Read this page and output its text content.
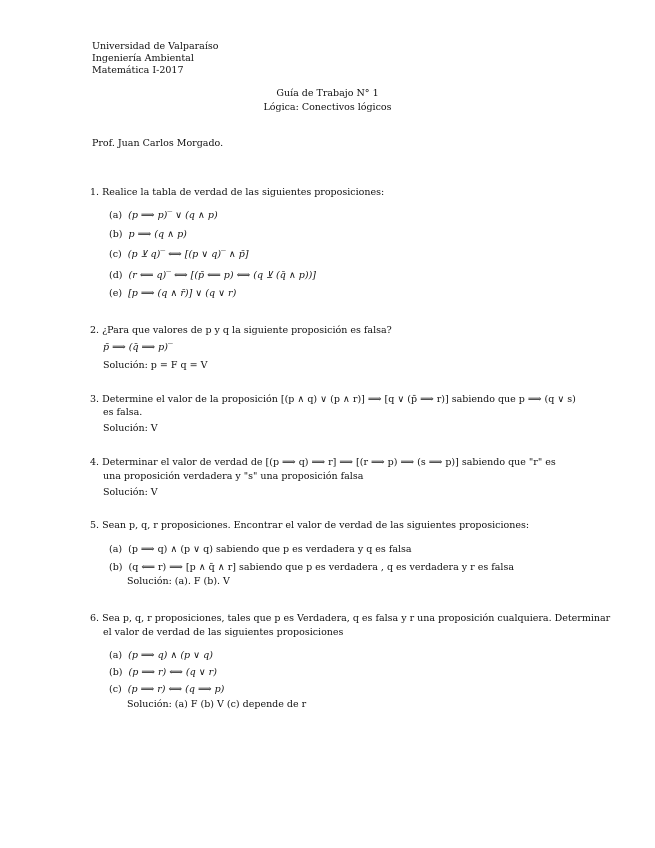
Universidad de Valparaíso
Ingeniería Ambiental
Matemática I-2017
Guía de Trabajo N° 1
Lógica: Conectivos lógicos
Prof. Juan Carlos Morgado.
1. Realice la tabla de verdad de las siguientes proposiciones:
(a) (p ⟹ p)‾ ∨ (q ∧ p)
(b) p ⟹ (q ∧ p)
(c) (p ⊻ q)‾ ⟺ [(p ∨ q)‾ ∧ p̄]
(d) (r ⟸ q)‾ ⟺ [(p̄ ⟸ p) ⟺ (q ⊻ (q̄ ∧ p))]
(e) [p ⟹ (q ∧ r̄)] ∨ (q ∨ r)
2. ¿Para que valores de p y q la siguiente proposición es falsa?
p̄ ⟹ (q̄ ⟹ p)‾
Solución: p = F q = V
3. Determine el valor de la proposición [(p ∧ q) ∨ (p ∧ r)] ⟹ [q ∨ (p̄ ⟹ r)] sabiendo que p ⟹ (q ∨ s)
es falsa.
Solución: V
4. Determinar el valor de verdad de [(p ⟹ q) ⟹ r] ⟹ [(r ⟹ p) ⟹ (s ⟹ p)] sabiendo que "r" es
una proposición verdadera y "s" una proposición falsa
Solución: V
5. Sean p, q, r proposiciones. Encontrar el valor de verdad de las siguientes proposiciones:
(a) (p ⟹ q) ∧ (p ∨ q) sabiendo que p es verdadera y q es falsa
(b) (q ⟸ r) ⟹ [p ∧ q̄ ∧ r] sabiendo que p es verdadera , q es verdadera y r es falsa
Solución: (a). F (b). V
6. Sea p, q, r proposiciones, tales que p es Verdadera, q es falsa y r una proposición cualquiera. Determinar
el valor de verdad de las siguientes proposiciones
(a) (p ⟹ q) ∧ (p ∨ q)
(b) (p ⟹ r) ⟺ (q ∨ r)
(c) (p ⟹ r) ⟺ (q ⟹ p)
Solución: (a) F (b) V (c) depende de r
